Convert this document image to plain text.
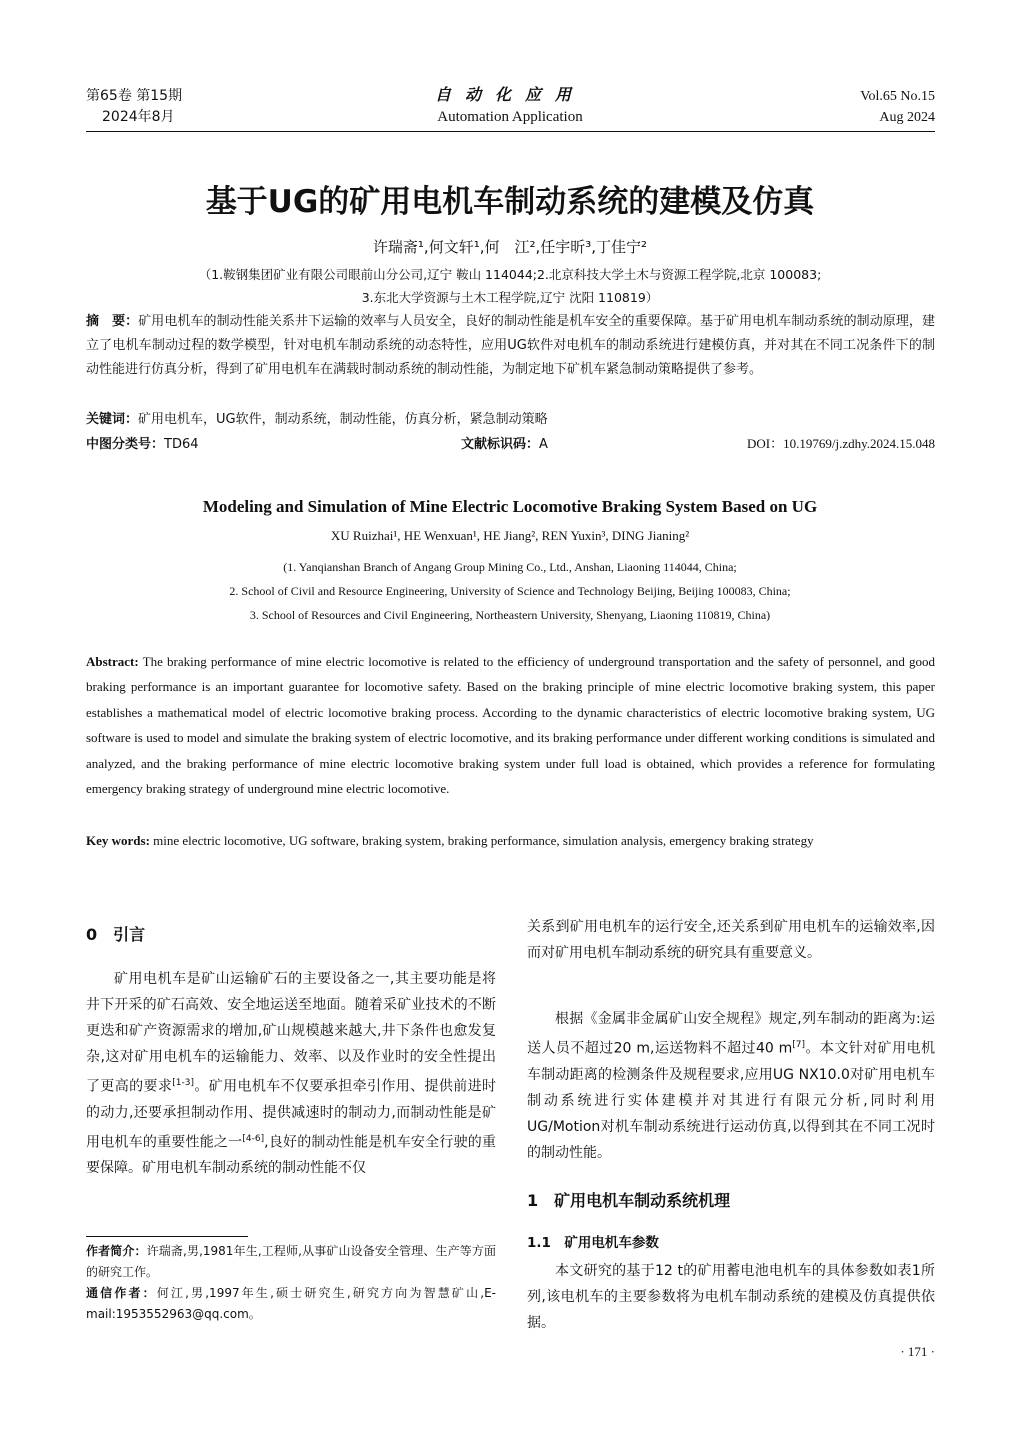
第65卷 第15期
2024年8月
自动化应用
Automation Application
Vol.65 No.15
Aug 2024
基于UG的矿用电机车制动系统的建模及仿真
许瑞斋¹,何文轩¹,何　江²,任宇昕³,丁佳宁²
（1.鞍钢集团矿业有限公司眼前山分公司,辽宁 鞍山 114044;2.北京科技大学土木与资源工程学院,北京 100083;
3.东北大学资源与土木工程学院,辽宁 沈阳 110819）
摘　要：矿用电机车的制动性能关系井下运输的效率与人员安全，良好的制动性能是机车安全的重要保障。基于矿用电机车制动系统的制动原理，建立了电机车制动过程的数学模型，针对电机车制动系统的动态特性，应用UG软件对电机车的制动系统进行建模仿真，并对其在不同工况条件下的制动性能进行仿真分析，得到了矿用电机车在满载时制动系统的制动性能，为制定地下矿机车紧急制动策略提供了参考。
关键词：矿用电机车，UG软件，制动系统，制动性能，仿真分析，紧急制动策略
中图分类号：TD64	文献标识码：A	DOI：10.19769/j.zdhy.2024.15.048
Modeling and Simulation of Mine Electric Locomotive Braking System Based on UG
XU Ruizhai¹, HE Wenxuan¹, HE Jiang², REN Yuxin³, DING Jianing²
(1. Yanqianshan Branch of Angang Group Mining Co., Ltd., Anshan, Liaoning 114044, China;
2. School of Civil and Resource Engineering, University of Science and Technology Beijing, Beijing 100083, China;
3. School of Resources and Civil Engineering, Northeastern University, Shenyang, Liaoning 110819, China)
Abstract: The braking performance of mine electric locomotive is related to the efficiency of underground transportation and the safety of personnel, and good braking performance is an important guarantee for locomotive safety. Based on the braking principle of mine electric locomotive braking system, this paper establishes a mathematical model of electric locomotive braking process. According to the dynamic characteristics of electric locomotive braking system, UG software is used to model and simulate the braking system of electric locomotive, and its braking performance under different working conditions is simulated and analyzed, and the braking performance of mine electric locomotive braking system under full load is obtained, which provides a reference for formulating emergency braking strategy of underground mine electric locomotive.
Key words: mine electric locomotive, UG software, braking system, braking performance, simulation analysis, emergency braking strategy
0　引言

矿用电机车是矿山运输矿石的主要设备之一,其主要功能是将井下开采的矿石高效、安全地运送至地面。随着采矿业技术的不断更迭和矿产资源需求的增加,矿山规模越来越大,井下条件也愈发复杂,这对矿用电机车的运输能力、效率、以及作业时的安全性提出了更高的要求[1-3]。矿用电机车不仅要承担牵引作用、提供前进时的动力,还要承担制动作用、提供减速时的制动力,而制动性能是矿用电机车的重要性能之一[4-6],良好的制动性能是机车安全行驶的重要保障。矿用电机车制动系统的制动性能不仅

作者简介：许瑞斋,男,1981年生,工程师,从事矿山设备安全管理、生产等方面的研究工作。
通信作者：何江,男,1997年生,硕士研究生,研究方向为智慧矿山,E-mail:1953552963@qq.com。
关系到矿用电机车的运行安全,还关系到矿用电机车的运输效率,因而对矿用电机车制动系统的研究具有重要意义。

根据《金属非金属矿山安全规程》规定,列车制动的距离为:运送人员不超过20 m,运送物料不超过40 m[7]。本文针对矿用电机车制动距离的检测条件及规程要求,应用UG NX10.0对矿用电机车制动系统进行实体建模并对其进行有限元分析,同时利用UG/Motion对机车制动系统进行运动仿真,以得到其在不同工况时的制动性能。

1　矿用电机车制动系统机理
1.1　矿用电机车参数

本文研究的基于12 t的矿用蓄电池电机车的具体参数如表1所列,该电机车的主要参数将为电机车制动系统的建模及仿真提供依据。

· 171 ·
